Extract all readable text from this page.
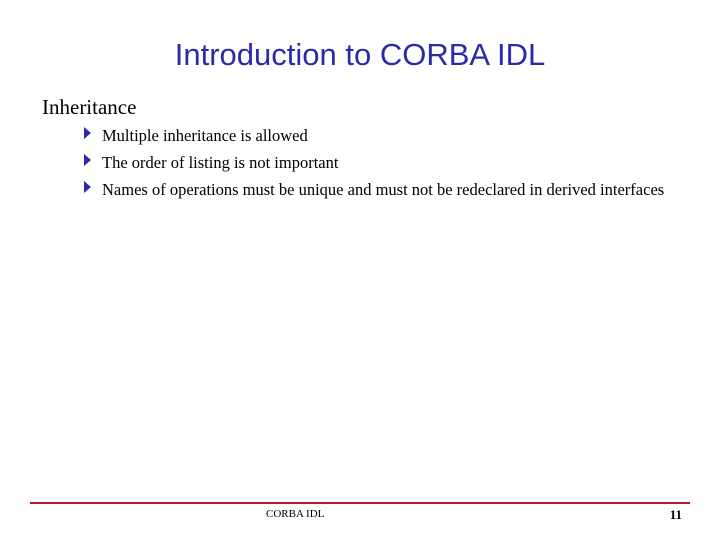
Introduction to CORBA IDL
Inheritance
Multiple inheritance is allowed
The order of listing is not important
Names of operations must be unique and must not be redeclared in derived interfaces
CORBA IDL	11
